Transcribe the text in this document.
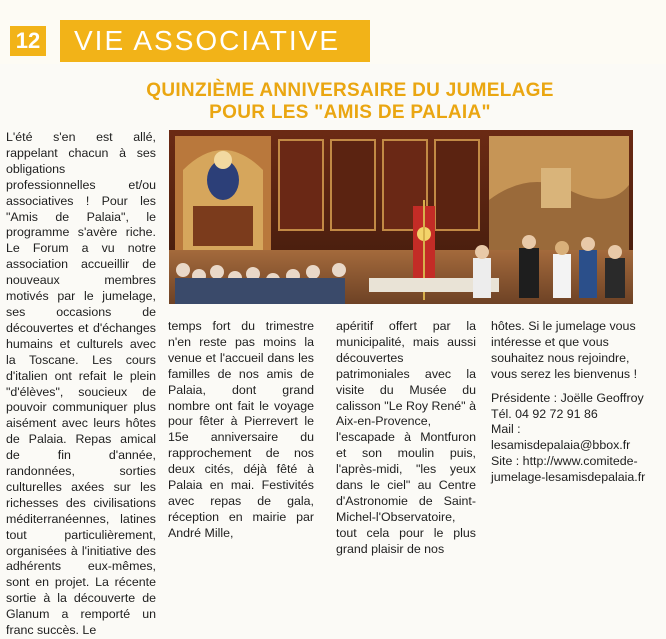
12	VIE ASSOCIATIVE
QUINZIÈME ANNIVERSAIRE DU JUMELAGE
POUR LES "AMIS DE PALAIA"
L'été s'en est allé, rappelant chacun à ses obligations professionnelles et/ou associatives ! Pour les "Amis de Palaia", le programme s'avère riche. Le Forum a vu notre association accueillir de nouveaux membres motivés par le jumelage, ses occasions de découvertes et d'échanges humains et culturels avec la Toscane. Les cours d'italien ont refait le plein "d'élèves", soucieux de pouvoir communiquer plus aisément avec leurs hôtes de Palaia. Repas amical de fin d'année, randonnées, sorties culturelles axées sur les richesses des civilisations méditerranéennes, latines tout particulièrement, organisées à l'initiative des adhérents eux-mêmes, sont en projet. La récente sortie à la découverte de Glanum a remporté un franc succès. Le
temps fort du trimestre n'en reste pas moins la venue et l'accueil dans les familles de nos amis de Palaia, dont grand nombre ont fait le voyage pour fêter à Pierrevert le 15e anniversaire du rapprochement de nos deux cités, déjà fêté à Palaia en mai. Festivités avec repas de gala, réception en mairie par André Mille,
apéritif offert par la municipalité, mais aussi découvertes patrimoniales avec la visite du Musée du calisson "Le Roy René" à Aix-en-Provence, l'escapade à Montfuron et son moulin puis, l'après-midi, "les yeux dans le ciel" au Centre d'Astronomie de Saint-Michel-l'Observatoire, tout cela pour le plus grand plaisir de nos
hôtes. Si le jumelage vous intéresse et que vous souhaitez nous rejoindre, vous serez les bienvenus !
Présidente : Joëlle Geoffroy
Tél. 04 92 72 91 86
Mail : lesamisdepalaia@bbox.fr
Site : http://www.comitede-
jumelage-lesamisdepalaia.fr
